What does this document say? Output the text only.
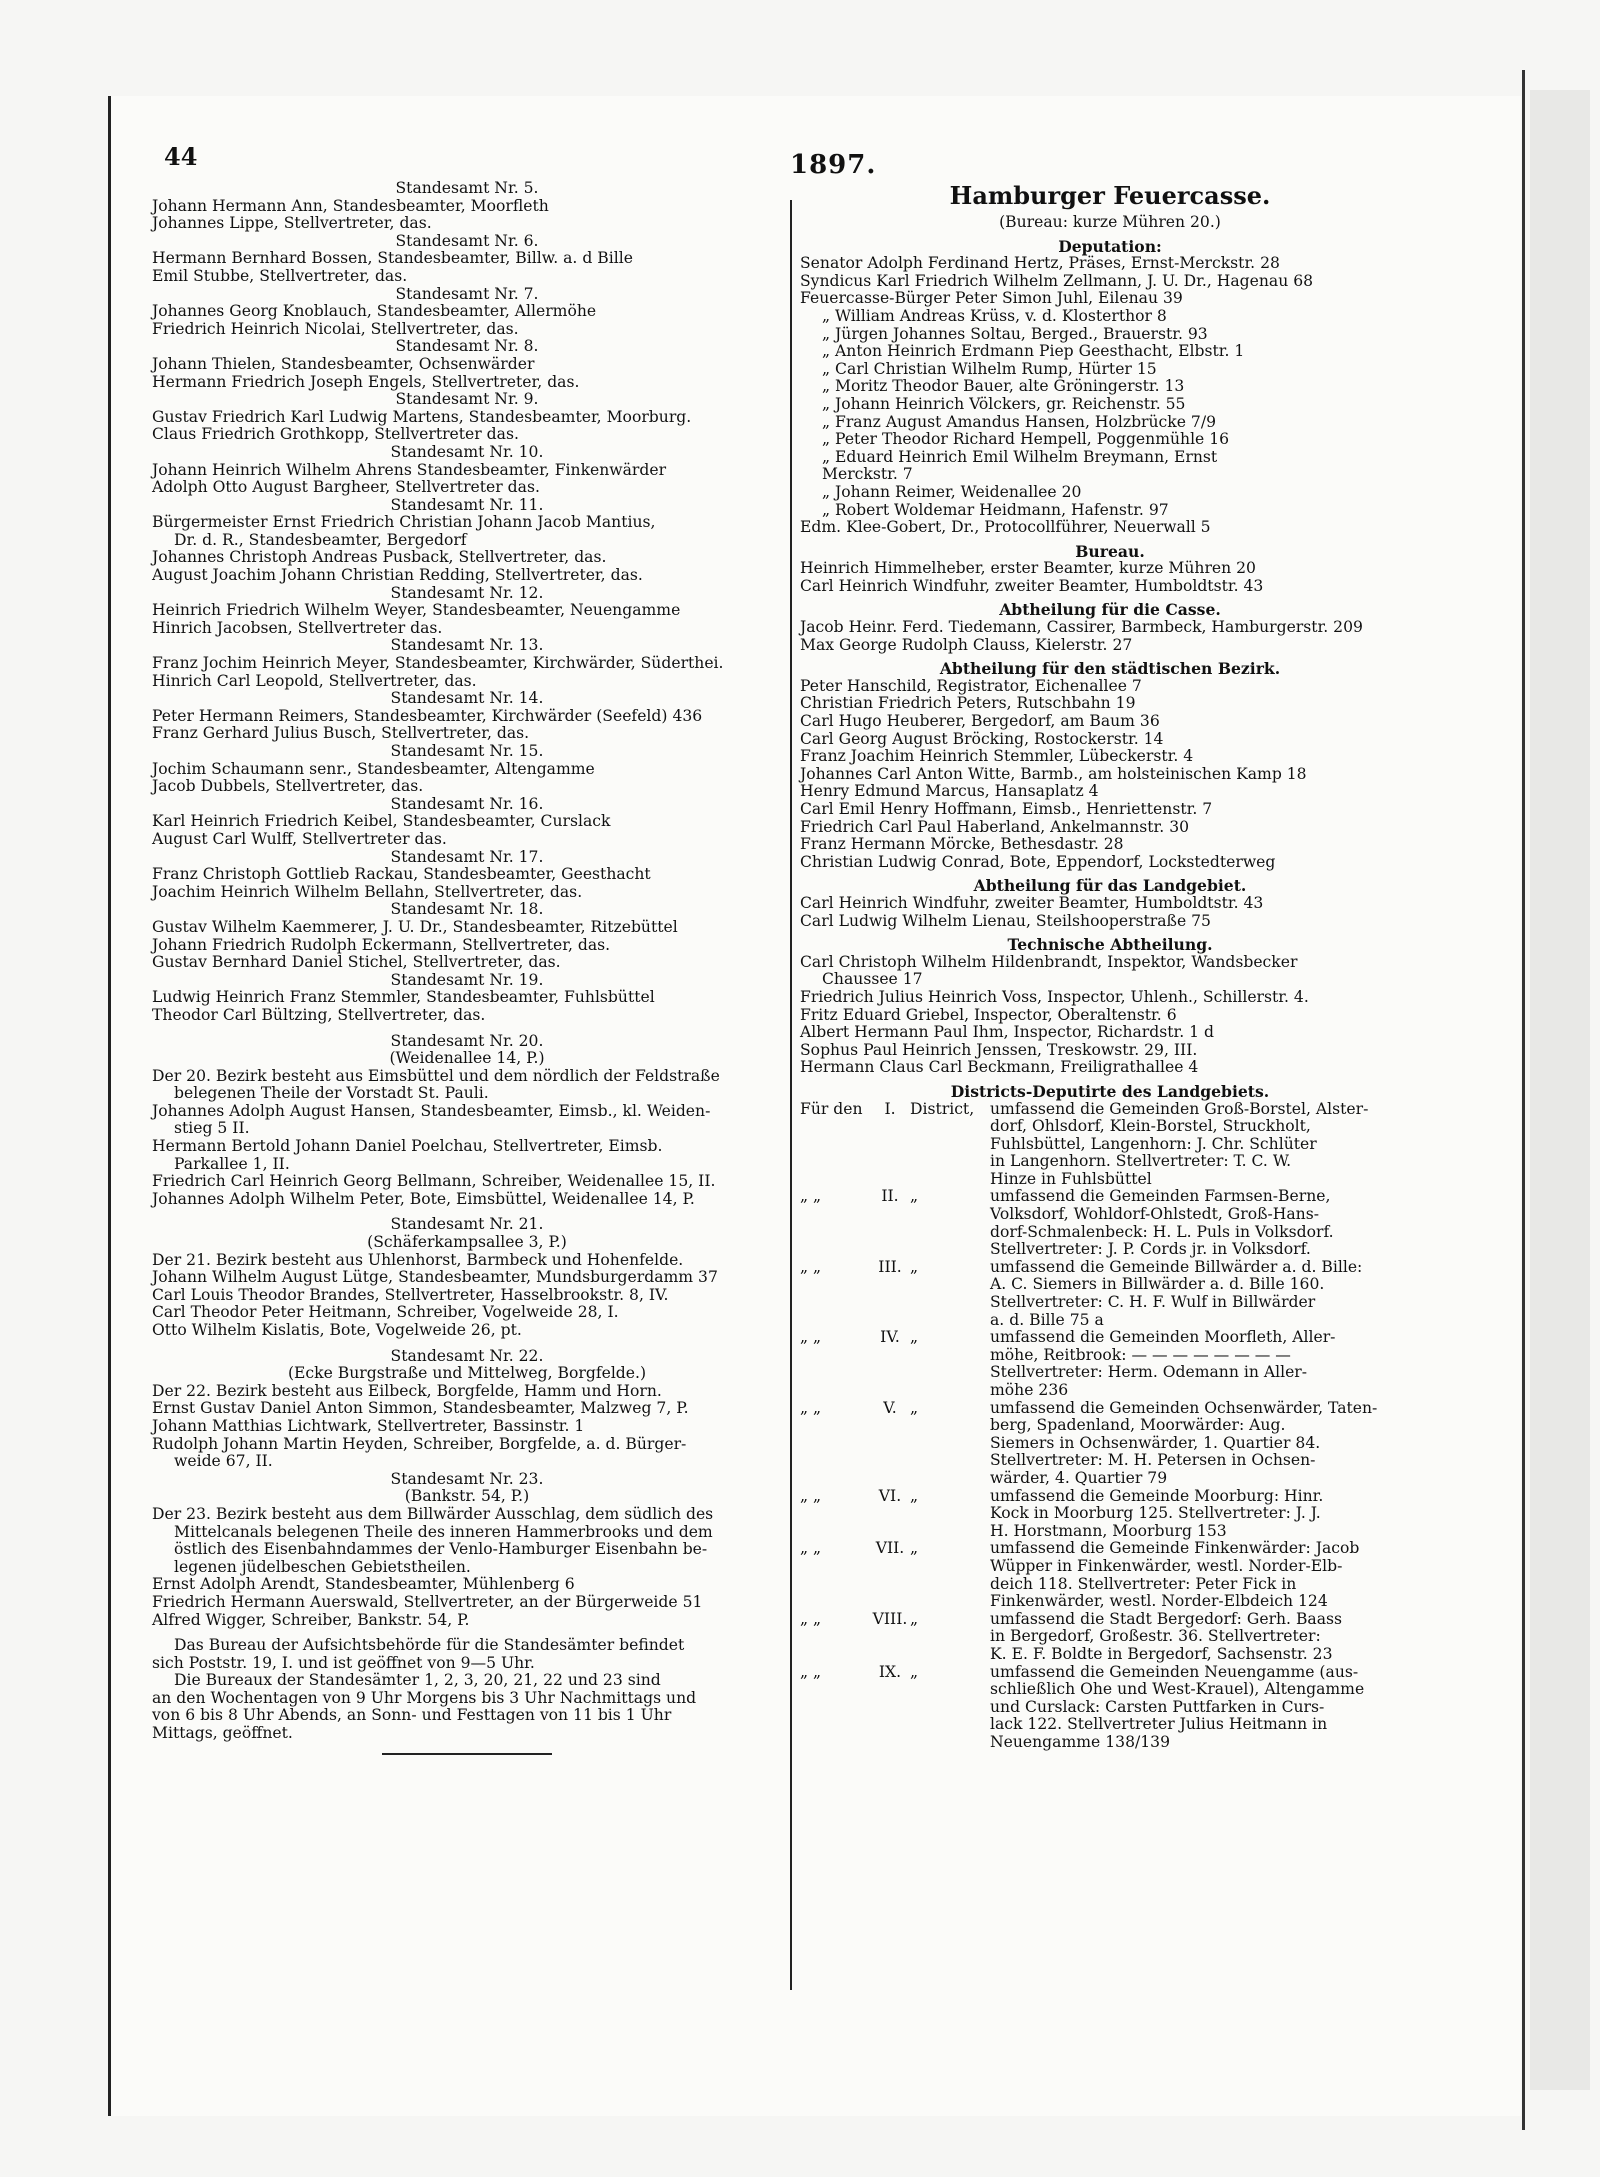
44	1897.
Standesamt Nr. 5.
Johann Hermann Ann, Standesbeamter, Moorfleth
Johannes Lippe, Stellvertreter, das.
Standesamt Nr. 6.
Hermann Bernhard Bossen, Standesbeamter, Billw. a. d Bille
Emil Stubbe, Stellvertreter, das.
Standesamt Nr. 7.
Johannes Georg Knoblauch, Standesbeamter, Allermöhe
Friedrich Heinrich Nicolai, Stellvertreter, das.
Standesamt Nr. 8.
Johann Thielen, Standesbeamter, Ochsenwärder
Hermann Friedrich Joseph Engels, Stellvertreter, das.
Standesamt Nr. 9.
Gustav Friedrich Karl Ludwig Martens, Standesbeamter, Moorburg.
Claus Friedrich Grothkopp, Stellvertreter das.
Standesamt Nr. 10.
Johann Heinrich Wilhelm Ahrens Standesbeamter, Finkenwärder
Adolph Otto August Bargheer, Stellvertreter das.
Standesamt Nr. 11.
Bürgermeister Ernst Friedrich Christian Johann Jacob Mantius,
Dr. d. R., Standesbeamter, Bergedorf
Johannes Christoph Andreas Pusback, Stellvertreter, das.
August Joachim Johann Christian Redding, Stellvertreter, das.
Standesamt Nr. 12.
Heinrich Friedrich Wilhelm Weyer, Standesbeamter, Neuengamme
Hinrich Jacobsen, Stellvertreter das.
Standesamt Nr. 13.
Franz Jochim Heinrich Meyer, Standesbeamter, Kirchwärder, Süderthei.
Hinrich Carl Leopold, Stellvertreter, das.
Standesamt Nr. 14.
Peter Hermann Reimers, Standesbeamter, Kirchwärder (Seefeld) 436
Franz Gerhard Julius Busch, Stellvertreter, das.
Standesamt Nr. 15.
Jochim Schaumann senr., Standesbeamter, Altengamme
Jacob Dubbels, Stellvertreter, das.
Standesamt Nr. 16.
Karl Heinrich Friedrich Keibel, Standesbeamter, Curslack
August Carl Wulff, Stellvertreter das.
Standesamt Nr. 17.
Franz Christoph Gottlieb Rackau, Standesbeamter, Geesthacht
Joachim Heinrich Wilhelm Bellahn, Stellvertreter, das.
Standesamt Nr. 18.
Gustav Wilhelm Kaemmerer, J. U. Dr., Standesbeamter, Ritzebüttel
Johann Friedrich Rudolph Eckermann, Stellvertreter, das.
Gustav Bernhard Daniel Stichel, Stellvertreter, das.
Standesamt Nr. 19.
Ludwig Heinrich Franz Stemmler, Standesbeamter, Fuhlsbüttel
Theodor Carl Bültzing, Stellvertreter, das.
Standesamt Nr. 20.
(Weidenallee 14, P.)
Der 20. Bezirk besteht aus Eimsbüttel und dem nördlich der Feldstraße
belegenen Theile der Vorstadt St. Pauli.
Johannes Adolph August Hansen, Standesbeamter, Eimsb., kl. Weiden-
stieg 5 II.
Hermann Bertold Johann Daniel Poelchau, Stellvertreter, Eimsb.
Parkallee 1, II.
Friedrich Carl Heinrich Georg Bellmann, Schreiber, Weidenallee 15, II.
Johannes Adolph Wilhelm Peter, Bote, Eimsbüttel, Weidenallee 14, P.
Standesamt Nr. 21.
(Schäferkampsallee 3, P.)
Der 21. Bezirk besteht aus Uhlenhorst, Barmbeck und Hohenfelde.
Johann Wilhelm August Lütge, Standesbeamter, Mundsburgerdamm 37
Carl Louis Theodor Brandes, Stellvertreter, Hasselbrookstr. 8, IV.
Carl Theodor Peter Heitmann, Schreiber, Vogelweide 28, I.
Otto Wilhelm Kislatis, Bote, Vogelweide 26, pt.
Standesamt Nr. 22.
(Ecke Burgstraße und Mittelweg, Borgfelde.)
Der 22. Bezirk besteht aus Eilbeck, Borgfelde, Hamm und Horn.
Ernst Gustav Daniel Anton Simmon, Standesbeamter, Malzweg 7, P.
Johann Matthias Lichtwark, Stellvertreter, Bassinstr. 1
Rudolph Johann Martin Heyden, Schreiber, Borgfelde, a. d. Bürger-
weide 67, II.
Standesamt Nr. 23.
(Bankstr. 54, P.)
Der 23. Bezirk besteht aus dem Billwärder Ausschlag, dem südlich des
Mittelcanals belegenen Theile des inneren Hammerbrooks und dem
östlich des Eisenbahndammes der Venlo-Hamburger Eisenbahn be-
legenen jüdelbeschen Gebietstheilen.
Ernst Adolph Arendt, Standesbeamter, Mühlenberg 6
Friedrich Hermann Auerswald, Stellvertreter, an der Bürgerweide 51
Alfred Wigger, Schreiber, Bankstr. 54, P.
Das Bureau der Aufsichtsbehörde für die Standesämter befindet
sich Poststr. 19, I. und ist geöffnet von 9—5 Uhr.
Die Bureaux der Standesämter 1, 2, 3, 20, 21, 22 und 23 sind
an den Wochentagen von 9 Uhr Morgens bis 3 Uhr Nachmittags und
von 6 bis 8 Uhr Abends, an Sonn- und Festtagen von 11 bis 1 Uhr
Mittags, geöffnet.
Hamburger Feuercasse.
(Bureau: kurze Mühren 20.)
Deputation:
Senator Adolph Ferdinand Hertz, Präses, Ernst-Merckstr. 28
Syndicus Karl Friedrich Wilhelm Zellmann, J. U. Dr., Hagenau 68
Feuercasse-Bürger Peter Simon Juhl, Eilenau 39
„ William Andreas Krüss, v. d. Klosterthor 8
„ Jürgen Johannes Soltau, Berged., Brauerstr. 93
„ Anton Heinrich Erdmann Piep Geesthacht, Elbstr. 1
„ Carl Christian Wilhelm Rump, Hürter 15
„ Moritz Theodor Bauer, alte Gröningerstr. 13
„ Johann Heinrich Völckers, gr. Reichenstr. 55
„ Franz August Amandus Hansen, Holzbrücke 7/9
„ Peter Theodor Richard Hempell, Poggenmühle 16
„ Eduard Heinrich Emil Wilhelm Breymann, Ernst
Merckstr. 7
„ Johann Reimer, Weidenallee 20
„ Robert Woldemar Heidmann, Hafenstr. 97
Edm. Klee-Gobert, Dr., Protocollführer, Neuerwall 5
Bureau.
Heinrich Himmelheber, erster Beamter, kurze Mühren 20
Carl Heinrich Windfuhr, zweiter Beamter, Humboldtstr. 43
Abtheilung für die Casse.
Jacob Heinr. Ferd. Tiedemann, Cassirer, Barmbeck, Hamburgerstr. 209
Max George Rudolph Clauss, Kielerstr. 27
Abtheilung für den städtischen Bezirk.
Peter Hanschild, Registrator, Eichenallee 7
Christian Friedrich Peters, Rutschbahn 19
Carl Hugo Heuberer, Bergedorf, am Baum 36
Carl Georg August Bröcking, Rostockerstr. 14
Franz Joachim Heinrich Stemmler, Lübeckerstr. 4
Johannes Carl Anton Witte, Barmb., am holsteinischen Kamp 18
Henry Edmund Marcus, Hansaplatz 4
Carl Emil Henry Hoffmann, Eimsb., Henriettenstr. 7
Friedrich Carl Paul Haberland, Ankelmannstr. 30
Franz Hermann Mörcke, Bethesdastr. 28
Christian Ludwig Conrad, Bote, Eppendorf, Lockstedterweg
Abtheilung für das Landgebiet.
Carl Heinrich Windfuhr, zweiter Beamter, Humboldtstr. 43
Carl Ludwig Wilhelm Lienau, Steilshooperstraße 75
Technische Abtheilung.
Carl Christoph Wilhelm Hildenbrandt, Inspektor, Wandsbecker
Chaussee 17
Friedrich Julius Heinrich Voss, Inspector, Uhlenh., Schillerstr. 4.
Fritz Eduard Griebel, Inspector, Oberaltenstr. 6
Albert Hermann Paul Ihm, Inspector, Richardstr. 1 d
Sophus Paul Heinrich Jenssen, Treskowstr. 29, III.
Hermann Claus Carl Beckmann, Freiligrathallee 4
Districts-Deputirte des Landgebiets.
Für den	I. District,	umfassend die Gemeinden Groß-Borstel, Alster-
dorf, Ohlsdorf, Klein-Borstel, Struckholt,
Fuhlsbüttel, Langenhorn: J. Chr. Schlüter
in Langenhorn. Stellvertreter: T. C. W.
Hinze in Fuhlsbüttel
„ „	II. „	umfassend die Gemeinden Farmsen-Berne,
Volksdorf, Wohldorf-Ohlstedt, Groß-Hans-
dorf-Schmalenbeck: H. L. Puls in Volksdorf.
Stellvertreter: J. P. Cords jr. in Volksdorf.
„ „	III. „	umfassend die Gemeinde Billwärder a. d. Bille:
A. C. Siemers in Billwärder a. d. Bille 160.
Stellvertreter: C. H. F. Wulf in Billwärder
a. d. Bille 75 a
„ „	IV. „	umfassend die Gemeinden Moorfleth, Aller-
möhe, Reitbrook: — — — — — — — —
Stellvertreter: Herm. Odemann in Aller-
möhe 236
„ „	V. „	umfassend die Gemeinden Ochsenwärder, Taten-
berg, Spadenland, Moorwärder: Aug.
Siemers in Ochsenwärder, 1. Quartier 84.
Stellvertreter: M. H. Petersen in Ochsen-
wärder, 4. Quartier 79
„ „	VI. „	umfassend die Gemeinde Moorburg: Hinr.
Kock in Moorburg 125. Stellvertreter: J. J.
H. Horstmann, Moorburg 153
„ „	VII. „	umfassend die Gemeinde Finkenwärder: Jacob
Wüpper in Finkenwärder, westl. Norder-Elb-
deich 118. Stellvertreter: Peter Fick in
Finkenwärder, westl. Norder-Elbdeich 124
„ „	VIII. „	umfassend die Stadt Bergedorf: Gerh. Baass
in Bergedorf, Großestr. 36. Stellvertreter:
K. E. F. Boldte in Bergedorf, Sachsenstr. 23
„ „	IX. „	umfassend die Gemeinden Neuengamme (aus-
schließlich Ohe und West-Krauel), Altengamme
und Curslack: Carsten Puttfarken in Curs-
lack 122. Stellvertreter Julius Heitmann in
Neuengamme 138/139
